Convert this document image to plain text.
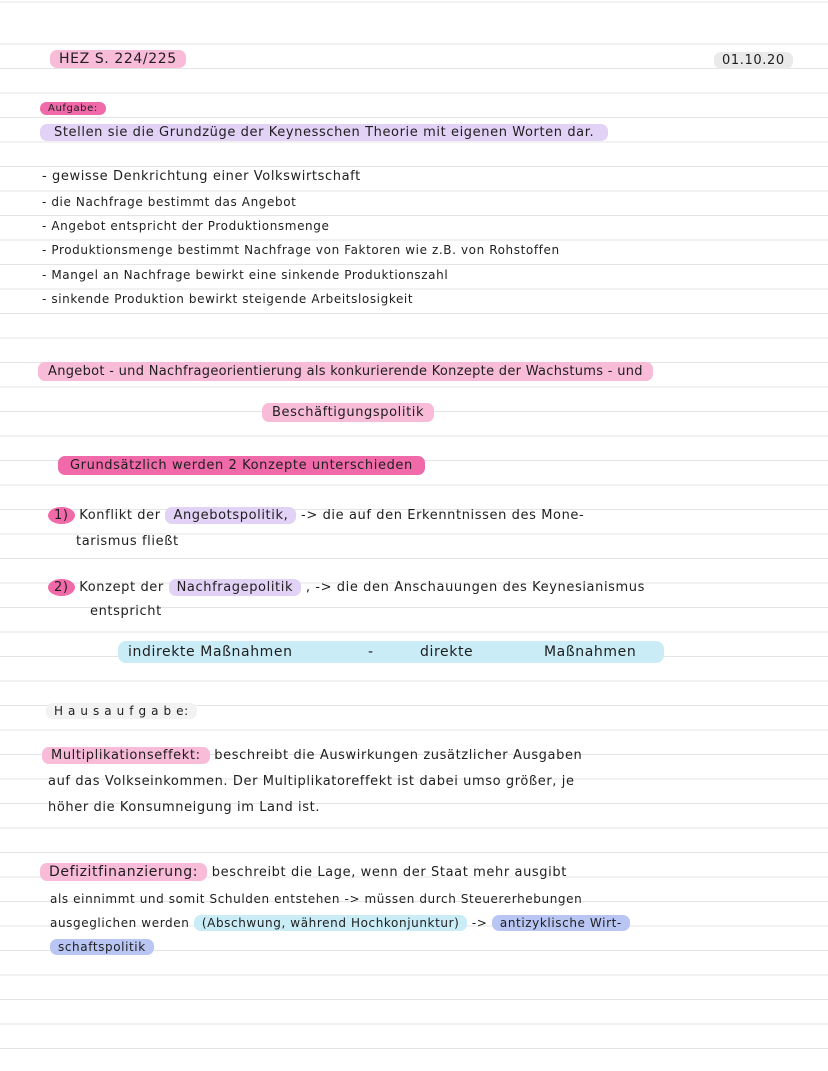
HEZ S. 224/225	01.10.20
Aufgabe:
Stellen sie die Grundzüge der Keynesschen Theorie mit eigenen Worten dar.
- gewisse Denkrichtung einer Volkswirtschaft
- die Nachfrage bestimmt das Angebot
- Angebot entspricht der Produktionsmenge
- Produktionsmenge bestimmt Nachfrage von Faktoren wie z.B. von Rohstoffen
- Mangel an Nachfrage bewirkt eine sinkende Produktionszahl
- sinkende Produktion bewirkt steigende Arbeitslosigkeit
Angebot - und Nachfrageorientierung als konkurierende Konzepte der Wachstums - und
Beschäftigungspolitik
Grundsätzlich werden 2 Konzepte unterschieden
1) Konflikt der Angebotspolitik, -> die auf den Erkenntnissen des Mone-
tarismus fließt
2) Konzept der Nachfragepolitik , -> die den Anschauungen des Keynesianismus
entspricht
indirekte Maßnahmen	-	direkte	Maßnahmen
H a u s a u f g a b e:
Multiplikationseffekt: beschreibt die Auswirkungen zusätzlicher Ausgaben
auf das Volkseinkommen. Der Multiplikatoreffekt ist dabei umso größer, je
höher die Konsumneigung im Land ist.
Defizitfinanzierung: beschreibt die Lage, wenn der Staat mehr ausgibt
als einnimmt und somit Schulden entstehen -> müssen durch Steuererhebungen
ausgeglichen werden (Abschwung, während Hochkonjunktur) -> antizyklische Wirt-
schaftspolitik
